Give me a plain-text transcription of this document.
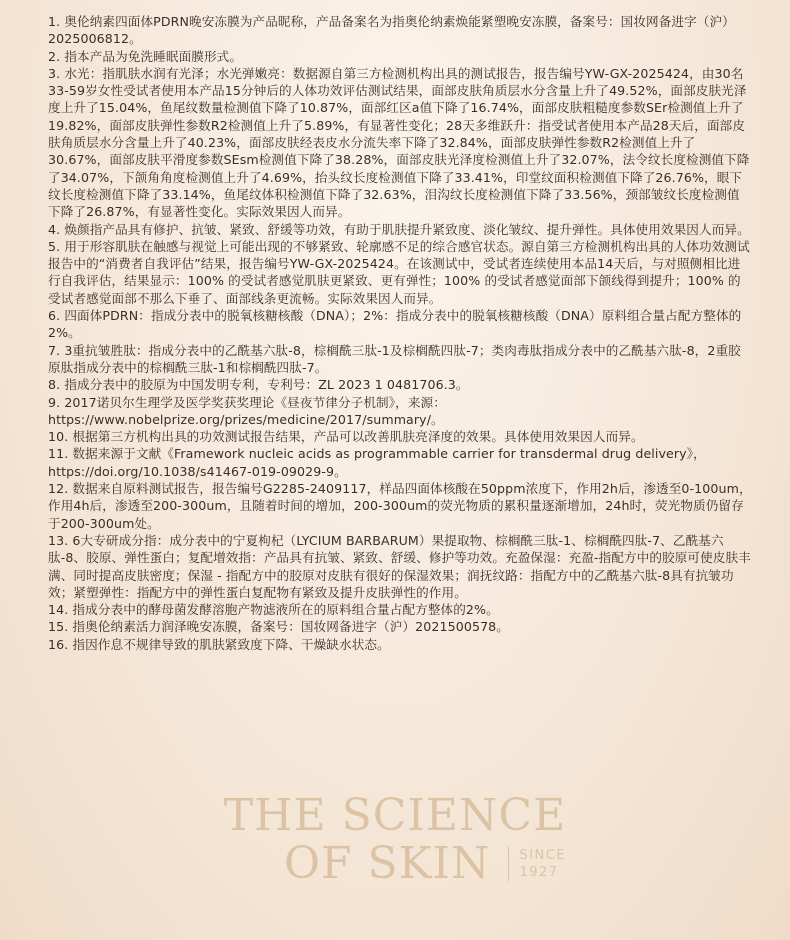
1. 奥伦纳素四面体PDRN晚安冻膜为产品昵称，产品备案名为指奥伦纳素焕能紧塑晚安冻膜，备案号：国妆网备进字（沪）2025006812。
2. 指本产品为免洗睡眠面膜形式。
3. 水光：指肌肤水润有光泽；水光弹嫩亮：数据源自第三方检测机构出具的测试报告，报告编号YW-GX-2025424，由30名33-59岁女性受试者使用本产品15分钟后的人体功效评估测试结果，面部皮肤角质层水分含量上升了49.52%，面部皮肤光泽度上升了15.04%，鱼尾纹数量检测值下降了10.87%，面部红区a值下降了16.74%，面部皮肤粗糙度参数SEr检测值上升了19.82%，面部皮肤弹性参数R2检测值上升了5.89%，有显著性变化；28天多维跃升：指受试者使用本产品28天后，面部皮肤角质层水分含量上升了40.23%，面部皮肤经表皮水分流失率下降了32.84%，面部皮肤弹性参数R2检测值上升了30.67%，面部皮肤平滑度参数SEsm检测值下降了38.28%，面部皮肤光泽度检测值上升了32.07%，法令纹长度检测值下降了34.07%，下颌角角度检测值上升了4.69%，抬头纹长度检测值下降了33.41%，印堂纹面积检测值下降了26.76%，眼下纹长度检测值下降了33.14%，鱼尾纹体积检测值下降了32.63%，泪沟纹长度检测值下降了33.56%，颈部皱纹长度检测值下降了26.87%，有显著性变化。实际效果因人而异。
4. 焕颜指产品具有修护、抗皱、紧致、舒缓等功效，有助于肌肤提升紧致度、淡化皱纹、提升弹性。具体使用效果因人而异。
5. 用于形容肌肤在触感与视觉上可能出现的不够紧致、轮廓感不足的综合感官状态。源自第三方检测机构出具的人体功效测试报告中的“消费者自我评估”结果，报告编号YW-GX-2025424。在该测试中，受试者连续使用本品14天后，与对照侧相比进行自我评估，结果显示：100% 的受试者感觉肌肤更紧致、更有弹性；100% 的受试者感觉面部下颌线得到提升；100% 的受试者感觉面部不那么下垂了、面部线条更流畅。实际效果因人而异。
6. 四面体PDRN：指成分表中的脱氧核糖核酸（DNA）；2%：指成分表中的脱氧核糖核酸（DNA）原料组合量占配方整体的2%。
7. 3重抗皱胜肽：指成分表中的乙酰基六肽-8，棕榈酰三肽-1及棕榈酰四肽-7；类肉毒肽指成分表中的乙酰基六肽-8，2重胶原肽指成分表中的棕榈酰三肽-1和棕榈酰四肽-7。
8. 指成分表中的胶原为中国发明专利，专利号：ZL 2023 1 0481706.3。
9. 2017诺贝尔生理学及医学奖获奖理论《昼夜节律分子机制》，来源：https://www.nobelprize.org/prizes/medicine/2017/summary/。
10. 根据第三方机构出具的功效测试报告结果，产品可以改善肌肤亮泽度的效果。具体使用效果因人而异。
11. 数据来源于文献《Framework nucleic acids as programmable carrier for transdermal drug delivery》，https://doi.org/10.1038/s41467-019-09029-9。
12. 数据来自原料测试报告，报告编号G2285-2409117，样品四面体核酸在50ppm浓度下，作用2h后，渗透至0-100um，作用4h后，渗透至200-300um，且随着时间的增加，200-300um的荧光物质的累积量逐渐增加，24h时，荧光物质仍留存于200-300um处。
13. 6大专研成分指：成分表中的宁夏枸杞（LYCIUM BARBARUM）果提取物、棕榈酰三肽-1、棕榈酰四肽-7、乙酰基六肽-8、胶原、弹性蛋白；复配增效指：产品具有抗皱、紧致、舒缓、修护等功效。充盈保湿：充盈-指配方中的胶原可使皮肤丰满、同时提高皮肤密度；保湿 - 指配方中的胶原对皮肤有很好的保湿效果；润抚纹路：指配方中的乙酰基六肽-8具有抗皱功效；紧塑弹性：指配方中的弹性蛋白复配物有紧致及提升皮肤弹性的作用。
14. 指成分表中的酵母菌发酵溶胞产物滤液所在的原料组合量占配方整体的2%。
15. 指奥伦纳素活力润泽晚安冻膜，备案号：国妆网备进字（沪）2021500578。
16. 指因作息不规律导致的肌肤紧致度下降、干燥缺水状态。
THE SCIENCE
OF SKIN SINCE
1927
